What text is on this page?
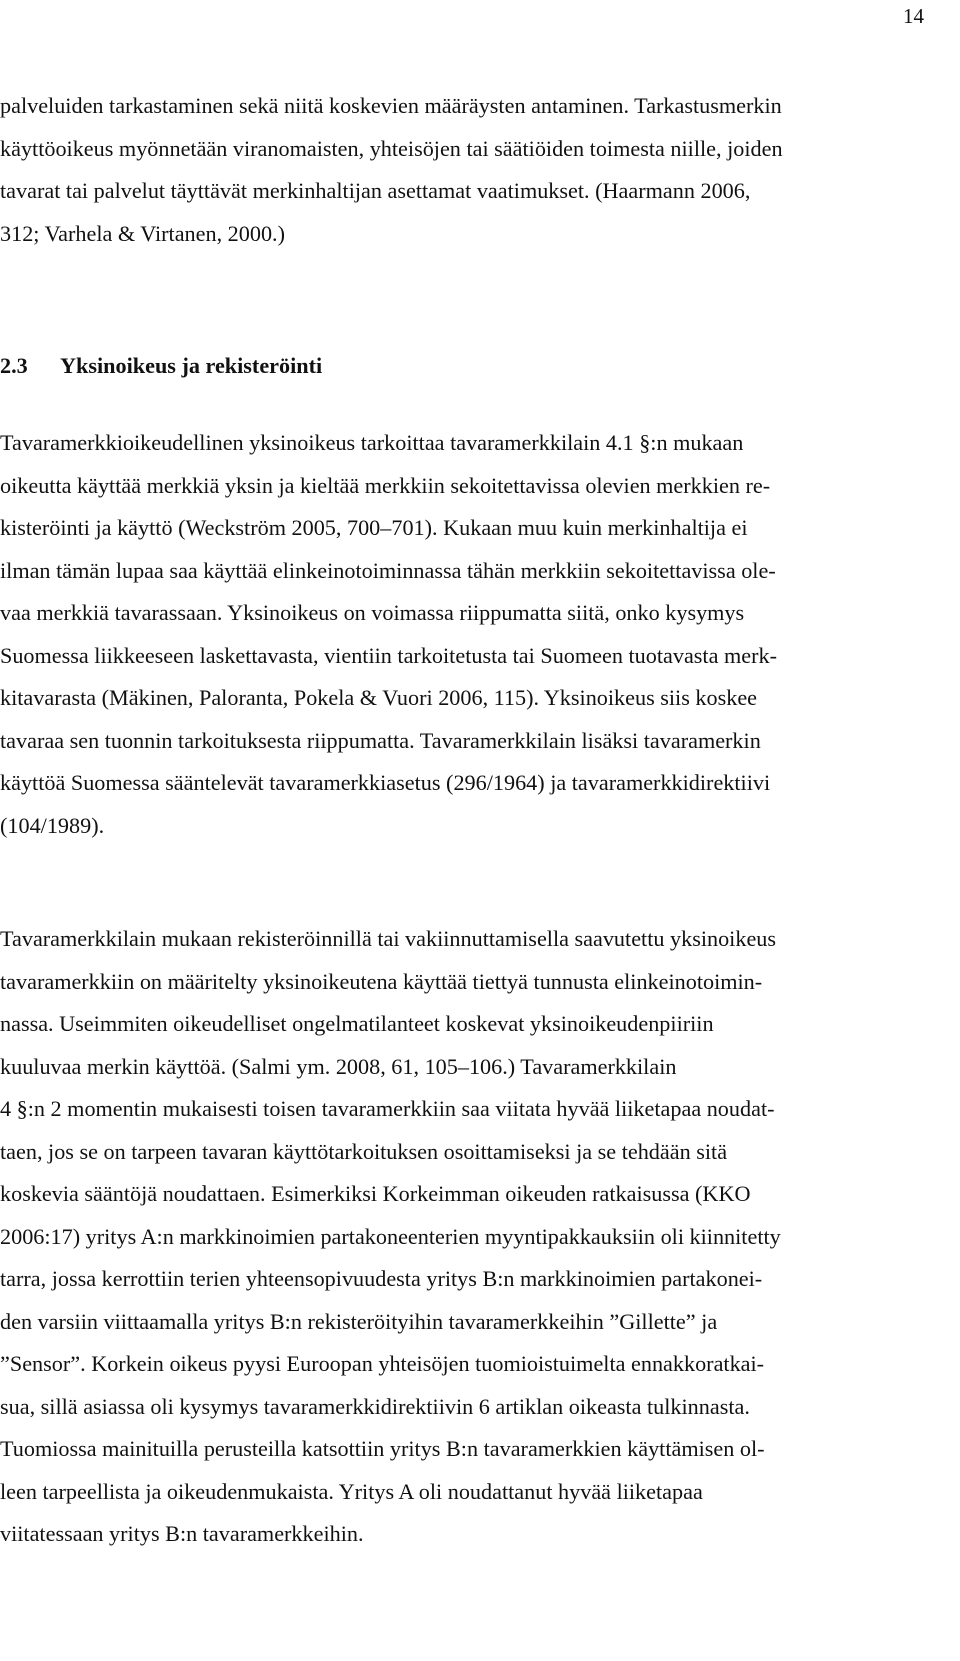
14

palveluiden tarkastaminen sekä niitä koskevien määräysten antaminen. Tarkastusmerkin

käyttöoikeus myönnetään viranomaisten, yhteisöjen tai säätiöiden toimesta niille, joiden

tavarat tai palvelut täyttävät merkinhaltijan asettamat vaatimukset. (Haarmann 2006,

312; Varhela & Virtanen, 2000.)

2.3 Yksinoikeus ja rekisteröinti

Tavaramerkkioikeudellinen yksinoikeus tarkoittaa tavaramerkkilain 4.1 §:n mukaan

oikeutta käyttää merkkiä yksin ja kieltää merkkiin sekoitettavissa olevien merkkien re-

kisteröinti ja käyttö (Weckström 2005, 700–701). Kukaan muu kuin merkinhaltija ei

ilman tämän lupaa saa käyttää elinkeinotoiminnassa tähän merkkiin sekoitettavissa ole-

vaa merkkiä tavarassaan. Yksinoikeus on voimassa riippumatta siitä, onko kysymys

Suomessa liikkeeseen laskettavasta, vientiin tarkoitetusta tai Suomeen tuotavasta merk-

kitavarasta (Mäkinen, Paloranta, Pokela & Vuori 2006, 115). Yksinoikeus siis koskee

tavaraa sen tuonnin tarkoituksesta riippumatta. Tavaramerkkilain lisäksi tavaramerkin

käyttöä Suomessa sääntelevät tavaramerkkiasetus (296/1964) ja tavaramerkkidirektiivi

(104/1989).

Tavaramerkkilain mukaan rekisteröinnillä tai vakiinnuttamisella saavutettu yksinoikeus

tavaramerkkiin on määritelty yksinoikeutena käyttää tiettyä tunnusta elinkeinotoimin-

nassa. Useimmiten oikeudelliset ongelmatilanteet koskevat yksinoikeudenpiiriin

kuuluvaa merkin käyttöä. (Salmi ym. 2008, 61, 105–106.) Tavaramerkkilain

4 §:n 2 momentin mukaisesti toisen tavaramerkkiin saa viitata hyvää liiketapaa noudat-

taen, jos se on tarpeen tavaran käyttötarkoituksen osoittamiseksi ja se tehdään sitä

koskevia sääntöjä noudattaen. Esimerkiksi Korkeimman oikeuden ratkaisussa (KKO

2006:17) yritys A:n markkinoimien partakoneenterien myyntipakkauksiin oli kiinnitetty

tarra, jossa kerrottiin terien yhteensopivuudesta yritys B:n markkinoimien partakonei-

den varsiin viittaamalla yritys B:n rekisteröityihin tavaramerkkeihin ”Gillette” ja

”Sensor”. Korkein oikeus pyysi Euroopan yhteisöjen tuomioistuimelta ennakkoratkai-

sua, sillä asiassa oli kysymys tavaramerkkidirektiivin 6 artiklan oikeasta tulkinnasta.

Tuomiossa mainituilla perusteilla katsottiin yritys B:n tavaramerkkien käyttämisen ol-

leen tarpeellista ja oikeudenmukaista. Yritys A oli noudattanut hyvää liiketapaa

viitatessaan yritys B:n tavaramerkkeihin.
